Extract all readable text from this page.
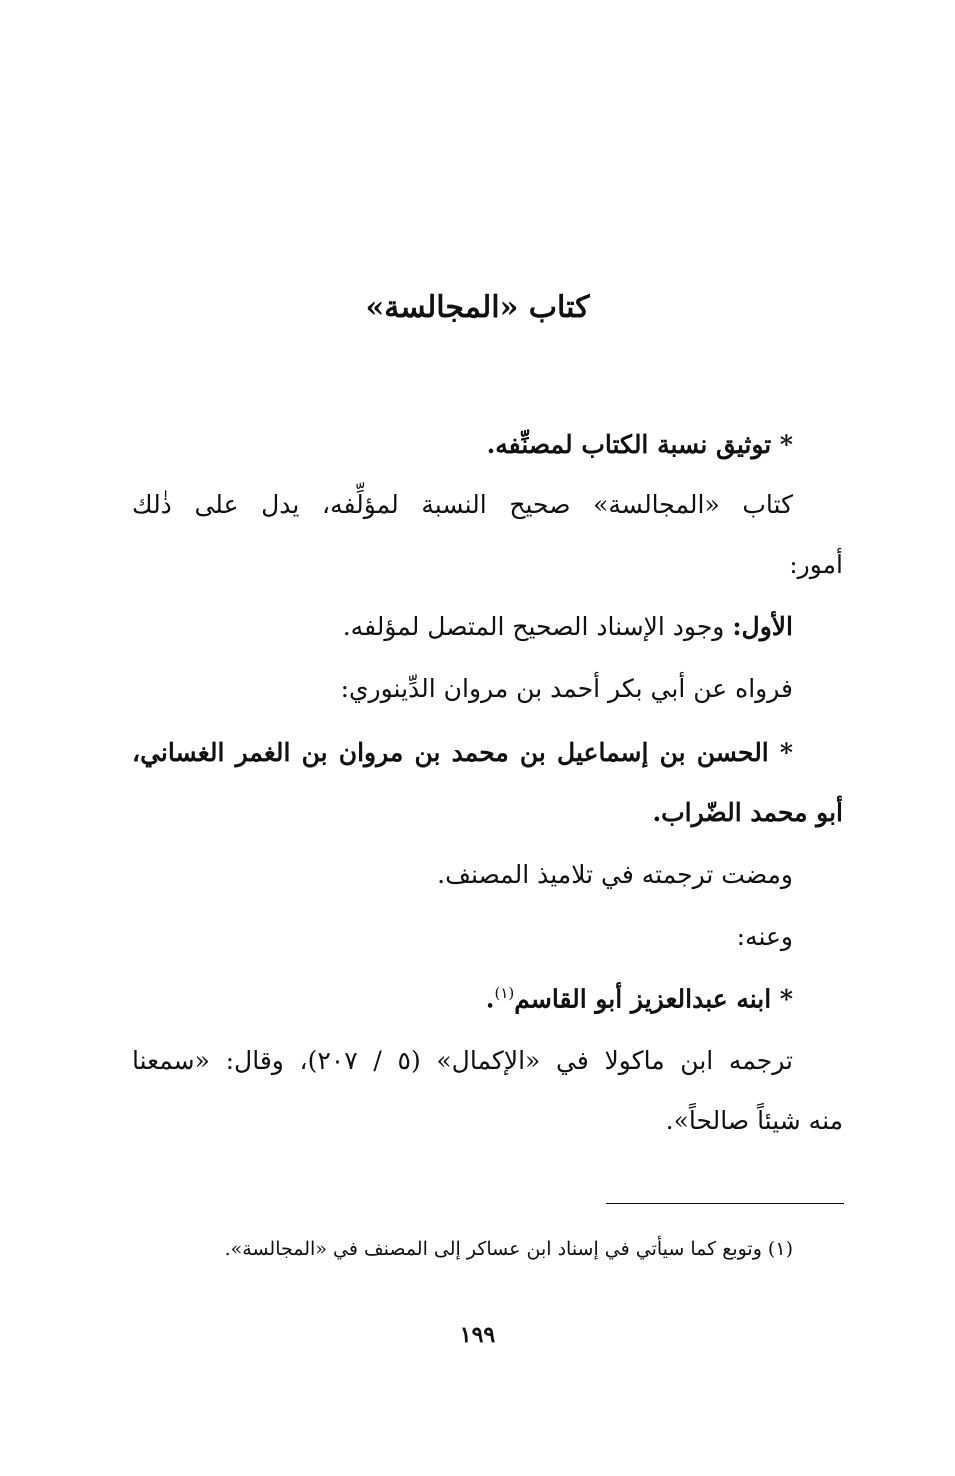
كتاب «المجالسة»
* توثيق نسبة الكتاب لمصنِّفه.
كتاب «المجالسة» صحيح النسبة لمؤلِّفه، يدل على ذٰلك
أمور:
الأول: وجود الإسناد الصحيح المتصل لمؤلفه.
فرواه عن أبي بكر أحمد بن مروان الدِّينوري:
* الحسن بن إسماعيل بن محمد بن مروان بن الغمر الغساني،
أبو محمد الضّراب.
ومضت ترجمته في تلاميذ المصنف.
وعنه:
* ابنه عبدالعزيز أبو القاسم$^{(١)}$.
ترجمه ابن ماكولا في «الإكمال» (٥ / ٢٠٧)، وقال: «سمعنا
منه شيئاً صالحاً».
(١) وتوبع كما سيأتي في إسناد ابن عساكر إلى المصنف في «المجالسة».
١٩٩
